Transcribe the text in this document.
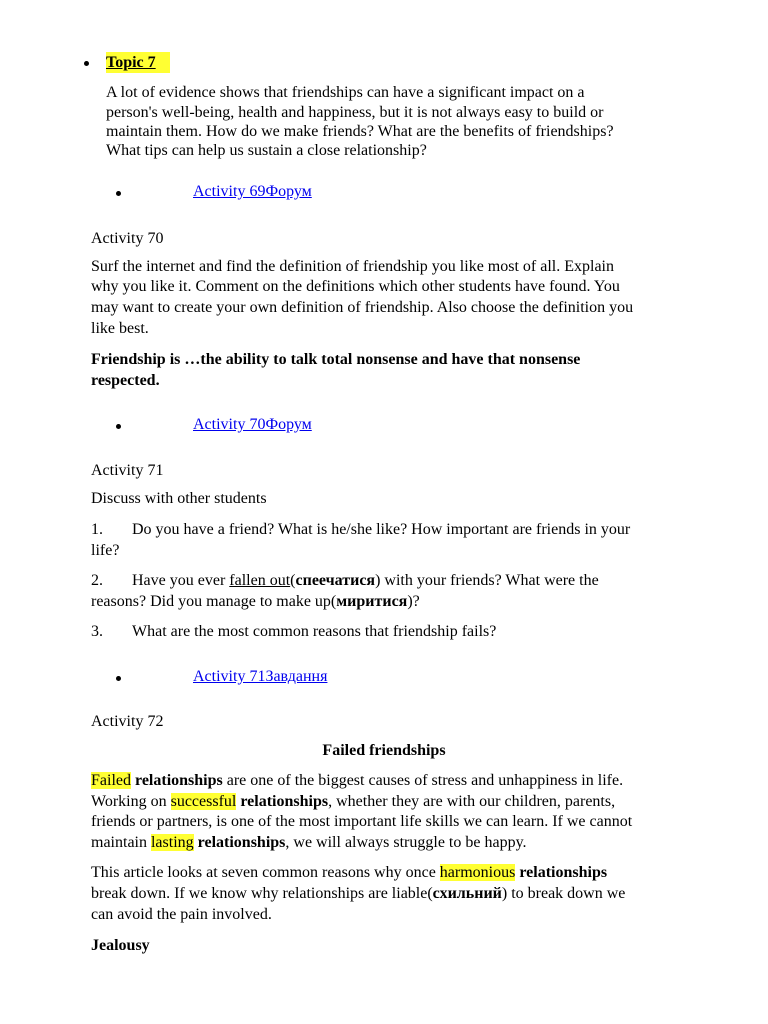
Topic 7
A lot of evidence shows that friendships can have a significant impact on a
person's well-being, health and happiness, but it is not always easy to build or
maintain them. How do we make friends? What are the benefits of friendships?
What tips can help us sustain a close relationship?
Activity 69Форум
Activity 70
Surf the internet and find the definition of friendship you like most of all. Explain
why you like it. Comment on the definitions which other students have found. You
may want to create your own definition of friendship. Also choose the definition you
like best.
Friendship is …the ability to talk total nonsense and have that nonsense
respected.
Activity 70Форум
Activity 71
Discuss with other students
1. Do you have a friend? What is he/she like? How important are friends in your
life?
2. Have you ever fallen out(спеечатися) with your friends? What were the
reasons? Did you manage to make up(миритися)?
3. What are the most common reasons that friendship fails?
Activity 71Завдання
Activity 72
Failed friendships
Failed relationships are one of the biggest causes of stress and unhappiness in life.
Working on successful relationships, whether they are with our children, parents,
friends or partners, is one of the most important life skills we can learn. If we cannot
maintain lasting relationships, we will always struggle to be happy.
This article looks at seven common reasons why once harmonious relationships
break down. If we know why relationships are liable(схильний) to break down we
can avoid the pain involved.
Jealousy
